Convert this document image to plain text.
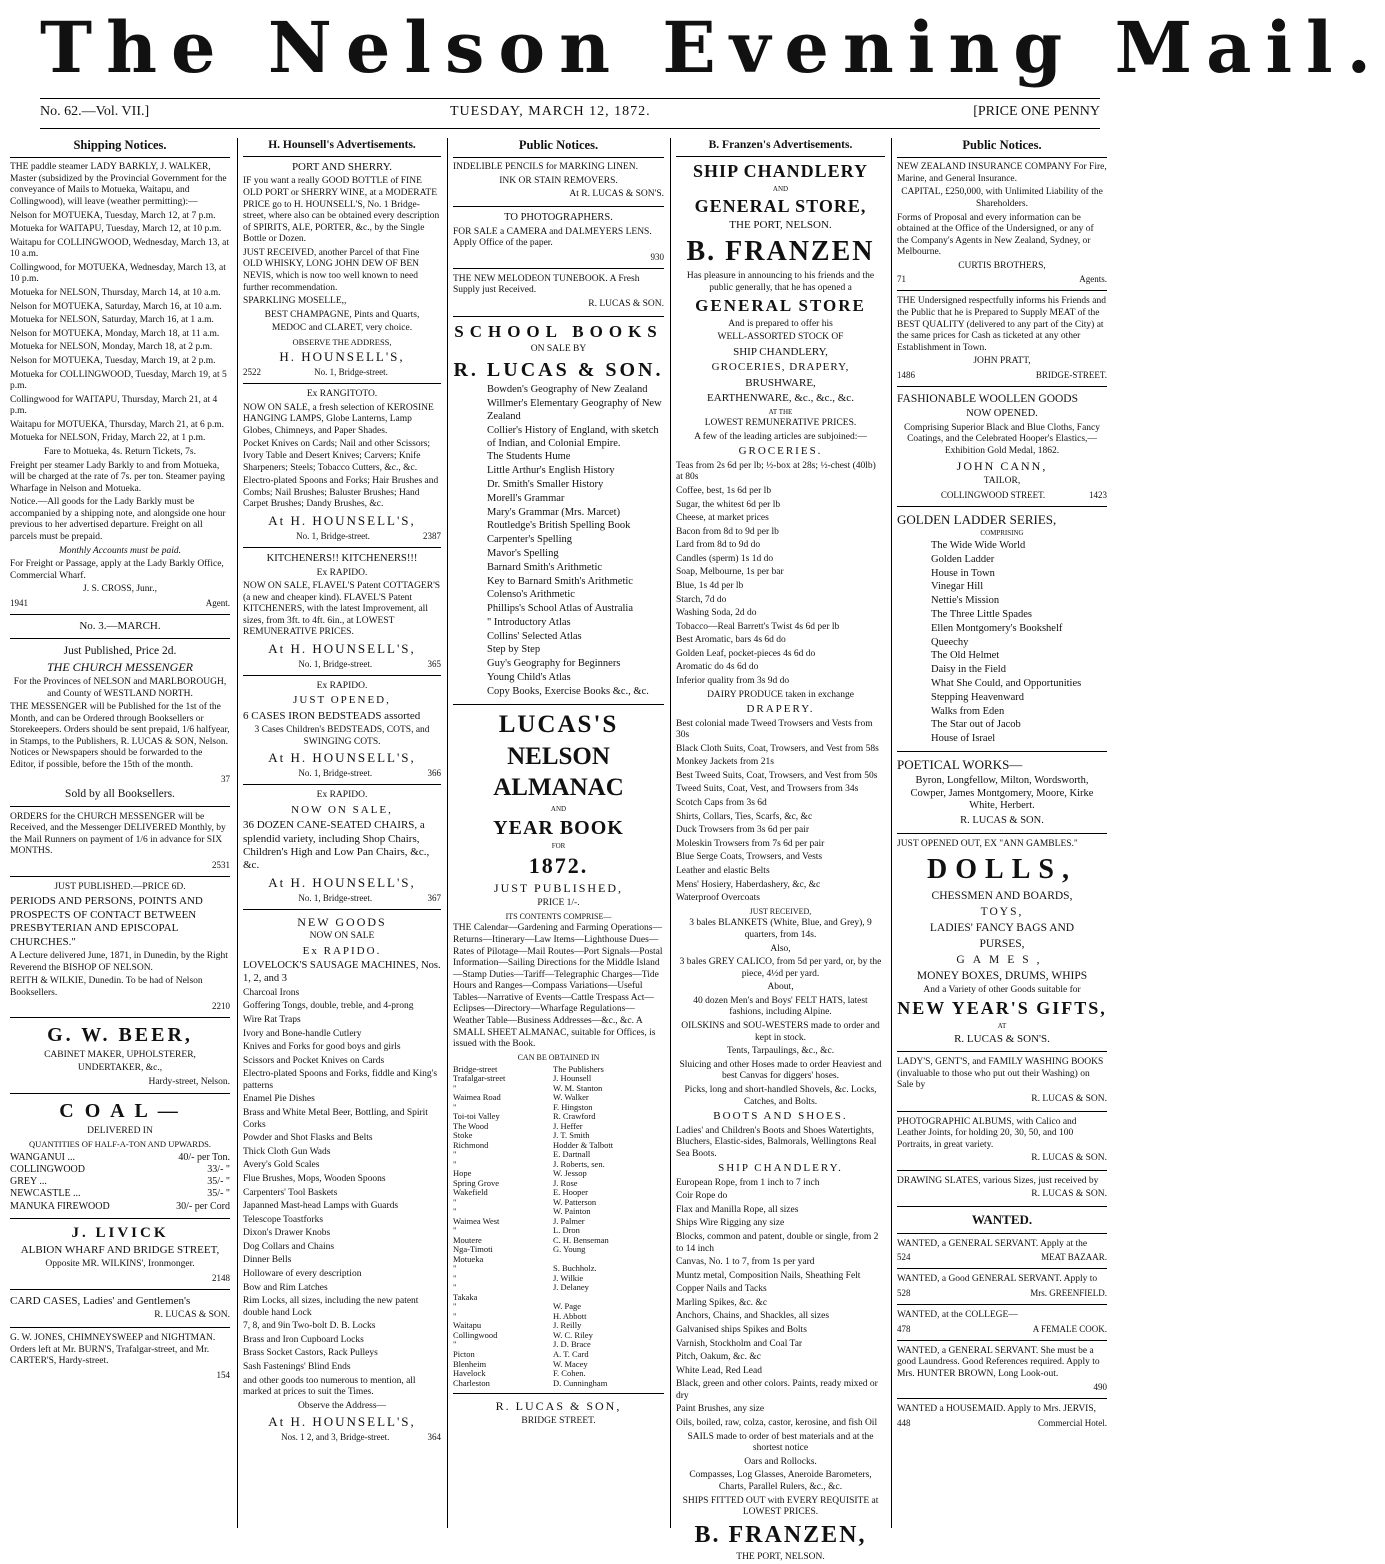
The Nelson Evening Mail.
No. 62.—Vol. VII.]	TUESDAY, MARCH 12, 1872.	[PRICE ONE PENNY
Shipping Notices.

THE paddle steamer LADY BARKLY, J. WALKER, Master (subsidized by the Provincial Government for the conveyance of Mails to Motueka, Waitapu, and Collingwood), will leave (weather permitting):—

Nelson for MOTUEKA, Tuesday, March 12, at 7 p.m.
Motueka for WAITAPU, Tuesday, March 12, at 10 p.m.
Waitapu for COLLINGWOOD, Wednesday, March 13, at 10 a.m.
Collingwood, for MOTUEKA, Wednesday, March 13, at 10 p.m.
Motueka for NELSON, Thursday, March 14, at 10 a.m.
Nelson for MOTUEKA, Saturday, March 16, at 10 a.m.
Motueka for NELSON, Saturday, March 16, at 1 a.m.
Nelson for MOTUEKA, Monday, March 18, at 11 a.m.
Motueka for NELSON, Monday, March 18, at 2 p.m.
Nelson for MOTUEKA, Tuesday, March 19, at 2 p.m.
Motueka for COLLINGWOOD, Tuesday, March 19, at 5 p.m.
Collingwood for WAITAPU, Thursday, March 21, at 4 p.m.
Waitapu for MOTUEKA, Thursday, March 21, at 6 p.m.
Motueka for NELSON, Friday, March 22, at 1 p.m.

Fare to Motueka, 4s. Return Tickets, 7s.

Freight per steamer Lady Barkly to and from Motueka, will be charged at the rate of 7s. per ton. Steamer paying Wharfage in Nelson and Motueka.

Notice.—All goods for the Lady Barkly must be accompanied by a shipping note, and alongside one hour previous to her advertised departure. Freight on all parcels must be prepaid.

Monthly Accounts must be paid.

For Freight or Passage, apply at the Lady Barkly Office, Commercial Wharf.

J. S. CROSS, Junr.,

1941	Agent.

No. 3.—MARCH.

Just Published, Price 2d.

THE CHURCH MESSENGER

For the Provinces of NELSON and MARLBOROUGH, and County of WESTLAND NORTH.

THE MESSENGER will be Published for the 1st of the Month, and can be Ordered through Booksellers or Storekeepers. Orders should be sent prepaid, 1/6 halfyear, in Stamps, to the Publishers, R. LUCAS & SON, Nelson. Notices or Newspapers should be forwarded to the Editor, if possible, before the 15th of the month.

37

Sold by all Booksellers.

ORDERS for the CHURCH MESSENGER will be Received, and the Messenger DELIVERED Monthly, by the Mail Runners on payment of 1/6 in advance for SIX MONTHS.

2531

JUST PUBLISHED.—PRICE 6D.

PERIODS AND PERSONS, POINTS AND PROSPECTS OF CONTACT BETWEEN PRESBYTERIAN AND EPISCOPAL CHURCHES."

A Lecture delivered June, 1871, in Dunedin, by the Right Reverend the BISHOP OF NELSON.

REITH & WILKIE, Dunedin. To be had of Nelson Booksellers.

2210

G. W. BEER,

CABINET MAKER, UPHOLSTERER,

UNDERTAKER, &c.,

Hardy-street, Nelson.

C O A L —

DELIVERED IN

QUANTITIES OF HALF-A-TON AND UPWARDS.

WANGANUI ...	40/- per Ton.
COLLINGWOOD	33/- "
GREY ...	35/- "
NEWCASTLE ...	35/- "
MANUKA FIREWOOD	30/- per Cord

J. LIVICK

ALBION WHARF AND BRIDGE STREET,

Opposite MR. WILKINS', Ironmonger.

2148

CARD CASES, Ladies' and Gentlemen's

R. LUCAS & SON.

G. W. JONES, CHIMNEYSWEEP and NIGHTMAN. Orders left at Mr. BURN'S, Trafalgar-street, and Mr. CARTER'S, Hardy-street.

154

H. Hounsell's Advertisements.

PORT AND SHERRY.

IF you want a really GOOD BOTTLE of FINE OLD PORT or SHERRY WINE, at a MODERATE PRICE go to H. HOUNSELL'S, No. 1 Bridge-street, where also can be obtained every description of SPIRITS, ALE, PORTER, &c., by the Single Bottle or Dozen.

JUST RECEIVED, another Parcel of that Fine OLD WHISKY, LONG JOHN DEW OF BEN NEVIS, which is now too well known to need further recommendation.

SPARKLING MOSELLE,,

BEST CHAMPAGNE, Pints and Quarts,

MEDOC and CLARET, very choice.

OBSERVE THE ADDRESS,

H. HOUNSELL'S,

2522	No. 1, Bridge-street.

Ex RANGITOTO.

NOW ON SALE, a fresh selection of KEROSINE HANGING LAMPS, Globe Lanterns, Lamp Globes, Chimneys, and Paper Shades.

Pocket Knives on Cards; Nail and other Scissors; Ivory Table and Desert Knives; Carvers; Knife Sharpeners; Steels; Tobacco Cutters, &c., &c.

Electro-plated Spoons and Forks; Hair Brushes and Combs; Nail Brushes; Baluster Brushes; Hand Carpet Brushes; Dandy Brushes, &c.

At H. HOUNSELL'S,

No. 1, Bridge-street.	2387

KITCHENERS!! KITCHENERS!!!

Ex RAPIDO.

NOW ON SALE, FLAVEL'S Patent COTTAGER'S (a new and cheaper kind). FLAVEL'S Patent KITCHENERS, with the latest Improvement, all sizes, from 3ft. to 4ft. 6in., at LOWEST REMUNERATIVE PRICES.

At H. HOUNSELL'S,

No. 1, Bridge-street.	365

Ex RAPIDO.

JUST OPENED,

6 CASES IRON BEDSTEADS assorted

3 Cases Children's BEDSTEADS, COTS, and SWINGING COTS.

At H. HOUNSELL'S,

No. 1, Bridge-street.	366

Ex RAPIDO.

NOW ON SALE,

36 DOZEN CANE-SEATED CHAIRS, a splendid variety, including Shop Chairs, Children's High and Low Pan Chairs, &c., &c.

At H. HOUNSELL'S,

No. 1, Bridge-street.	367

NEW GOODS

NOW ON SALE

Ex RAPIDO.

LOVELOCK'S SAUSAGE MACHINES, Nos. 1, 2, and 3

Charcoal Irons
Goffering Tongs, double, treble, and 4-prong
Wire Rat Traps
Ivory and Bone-handle Cutlery
Knives and Forks for good boys and girls
Scissors and Pocket Knives on Cards
Electro-plated Spoons and Forks, fiddle and King's patterns
Enamel Pie Dishes
Brass and White Metal Beer, Bottling, and Spirit Corks
Powder and Shot Flasks and Belts
Thick Cloth Gun Wads
Avery's Gold Scales
Flue Brushes, Mops, Wooden Spoons
Carpenters' Tool Baskets
Japanned Mast-head Lamps with Guards
Telescope Toastforks
Dixon's Drawer Knobs
Dog Collars and Chains
Dinner Bells
Holloware of every description
Bow and Rim Latches
Rim Locks, all sizes, including the new patent double hand Lock
7, 8, and 9in Two-bolt D. B. Locks
Brass and Iron Cupboard Locks
Brass Socket Castors, Rack Pulleys
Sash Fastenings' Blind Ends
and other goods too numerous to mention, all marked at prices to suit the Times.

Observe the Address—

At H. HOUNSELL'S,

Nos. 1 2, and 3, Bridge-street.	364
Public Notices.

INDELIBLE PENCILS for MARKING LINEN.

INK OR STAIN REMOVERS.

At R. LUCAS & SON'S.

TO PHOTOGRAPHERS.

FOR SALE a CAMERA and DALMEYERS LENS. Apply Office of the paper.

930

THE NEW MELODEON TUNEBOOK. A Fresh Supply just Received.

R. LUCAS & SON.

SCHOOL BOOKS

ON SALE BY

R. LUCAS & SON.

Bowden's Geography of New Zealand
Willmer's Elementary Geography of New Zealand
Collier's History of England, with sketch of Indian, and Colonial Empire.
The Students Hume
Little Arthur's English History
Dr. Smith's Smaller History
Morell's Grammar
Mary's Grammar (Mrs. Marcet)
Routledge's British Spelling Book
Carpenter's Spelling
Mavor's Spelling
Barnard Smith's Arithmetic
Key to Barnard Smith's Arithmetic
Colenso's Arithmetic
Phillips's School Atlas of Australia
" Introductory Atlas
Collins' Selected Atlas
Step by Step
Guy's Geography for Beginners
Young Child's Atlas
Copy Books, Exercise Books &c., &c.

LUCAS'S

NELSON ALMANAC

AND

YEAR BOOK

FOR

1872.

JUST PUBLISHED,

PRICE 1/-.

ITS CONTENTS COMPRISE—

THE Calendar—Gardening and Farming Operations—Returns—Itinerary—Law Items—Lighthouse Dues—Rates of Pilotage—Mail Routes—Port Signals—Postal Information—Sailing Directions for the Middle Island—Stamp Duties—Tariff—Telegraphic Charges—Tide Hours and Ranges—Compass Variations—Useful Tables—Narrative of Events—Cattle Trespass Act—Eclipses—Directory—Wharfage Regulations—Weather Table—Business Addresses—&c., &c. A SMALL SHEET ALMANAC, suitable for Offices, is issued with the Book.

CAN BE OBTAINED IN

Bridge-street	The Publishers
Trafalgar-street	J. Hounsell
"	W. M. Stanton
Waimea Road	W. Walker
"	F. Hingston
Toi-toi Valley	R. Crawford
The Wood	J. Heffer
Stoke	J. T. Smith
Richmond	Hodder & Talbott
"	E. Dartnall
"	J. Roberts, sen.
Hope	W. Jessop
Spring Grove	J. Rose
Wakefield	E. Hooper
"	W. Patterson
"	W. Painton
Waimea West	J. Palmer
"	L. Dron
Moutere	C. H. Benseman
Nga-Timoti	G. Young
Motueka
"	S. Buchholz.
"	J. Wilkie
"	J. Delaney
Takaka
"	W. Page
"	H. Abbott
Waitapu	J. Reilly
Collingwood	W. C. Riley
"	J. D. Brace
Picton	A. T. Card
Blenheim	W. Macey
Havelock	F. Cohen.
Charleston	D. Cunningham

R. LUCAS & SON,

BRIDGE STREET.

B. Franzen's Advertisements.

SHIP CHANDLERY

AND

GENERAL STORE,

THE PORT, NELSON.

B. FRANZEN

Has pleasure in announcing to his friends and the public generally, that he has opened a

GENERAL STORE

And is prepared to offer his

WELL-ASSORTED STOCK OF

SHIP CHANDLERY,

GROCERIES, DRAPERY,

BRUSHWARE,

EARTHENWARE, &c., &c., &c.

AT THE

LOWEST REMUNERATIVE PRICES.

A few of the leading articles are subjoined:—

GROCERIES.

Teas from 2s 6d per lb; ½-box at 28s; ½-chest (40lb) at 80s
Coffee, best, 1s 6d per lb
Sugar, the whitest 6d per lb
Cheese, at market prices
Bacon from 8d to 9d per lb
Lard from 8d to 9d do
Candles (sperm) 1s 1d do
Soap, Melbourne, 1s per bar
Blue, 1s 4d per lb
Starch, 7d do
Washing Soda, 2d do
Tobacco—Real Barrett's Twist 4s 6d per lb
Best Aromatic, bars 4s 6d do
Golden Leaf, pocket-pieces 4s 6d do
Aromatic do 4s 6d do
Inferior quality from 3s 9d do

DAIRY PRODUCE taken in exchange

DRAPERY.

Best colonial made Tweed Trowsers and Vests from 30s
Black Cloth Suits, Coat, Trowsers, and Vest from 58s
Monkey Jackets from 21s
Best Tweed Suits, Coat, Trowsers, and Vest from 50s
Tweed Suits, Coat, Vest, and Trowsers from 34s
Scotch Caps from 3s 6d
Shirts, Collars, Ties, Scarfs, &c, &c
Duck Trowsers from 3s 6d per pair
Moleskin Trowsers from 7s 6d per pair
Blue Serge Coats, Trowsers, and Vests
Leather and elastic Belts
Mens' Hosiery, Haberdashery, &c, &c
Waterproof Overcoats

JUST RECEIVED,

3 bales BLANKETS (White, Blue, and Grey), 9 quarters, from 14s.

Also,

3 bales GREY CALICO, from 5d per yard, or, by the piece, 4½d per yard.

About,

40 dozen Men's and Boys' FELT HATS, latest fashions, including Alpine.

OILSKINS and SOU-WESTERS made to order and kept in stock.

Tents, Tarpaulings, &c., &c.

Sluicing and other Hoses made to order Heaviest and best Canvas for diggers' hoses.

Picks, long and short-handled Shovels, &c. Locks, Catches, and Bolts.

BOOTS AND SHOES.

Ladies' and Children's Boots and Shoes Watertights, Bluchers, Elastic-sides, Balmorals, Wellingtons Real Sea Boots.

SHIP CHANDLERY.

European Rope, from 1 inch to 7 inch
Coir Rope do
Flax and Manilla Rope, all sizes
Ships Wire Rigging any size
Blocks, common and patent, double or single, from 2 to 14 inch
Canvas, No. 1 to 7, from 1s per yard
Muntz metal, Composition Nails, Sheathing Felt
Copper Nails and Tacks
Marling Spikes, &c. &c
Anchors, Chains, and Shackles, all sizes
Galvanised ships Spikes and Bolts
Varnish, Stockholm and Coal Tar
Pitch, Oakum, &c. &c
White Lead, Red Lead
Black, green and other colors. Paints, ready mixed or dry
Paint Brushes, any size
Oils, boiled, raw, colza, castor, kerosine, and fish Oil

SAILS made to order of best materials and at the shortest notice

Oars and Rollocks.

Compasses, Log Glasses, Aneroide Barometers, Charts, Parallel Rulers, &c., &c.

SHIPS FITTED OUT with EVERY REQUISITE at LOWEST PRICES.

B. FRANZEN,

THE PORT, NELSON.

Public Notices.

NEW ZEALAND INSURANCE COMPANY For Fire, Marine, and General Insurance.

CAPITAL, £250,000, with Unlimited Liability of the Shareholders.

Forms of Proposal and every information can be obtained at the Office of the Undersigned, or any of the Company's Agents in New Zealand, Sydney, or Melbourne.

CURTIS BROTHERS,

71	Agents.

THE Undersigned respectfully informs his Friends and the Public that he is Prepared to Supply MEAT of the BEST QUALITY (delivered to any part of the City) at the same prices for Cash as ticketed at any other Establishment in Town.

JOHN PRATT,

1486	BRIDGE-STREET.

FASHIONABLE WOOLLEN GOODS

NOW OPENED.

Comprising Superior Black and Blue Cloths, Fancy Coatings, and the Celebrated Hooper's Elastics,—Exhibition Gold Medal, 1862.

JOHN CANN,

TAILOR,

COLLINGWOOD STREET.	1423

GOLDEN LADDER SERIES,

COMPRISING

The Wide Wide World
Golden Ladder
House in Town
Vinegar Hill
Nettie's Mission
The Three Little Spades
Ellen Montgomery's Bookshelf
Queechy
The Old Helmet
Daisy in the Field
What She Could, and Opportunities
Stepping Heavenward
Walks from Eden
The Star out of Jacob
House of Israel

POETICAL WORKS—

Byron, Longfellow, Milton, Wordsworth, Cowper, James Montgomery, Moore, Kirke White, Herbert.

R. LUCAS & SON.

JUST OPENED OUT, EX "ANN GAMBLES."

DOLLS,

CHESSMEN AND BOARDS,

TOYS,

LADIES' FANCY BAGS AND

PURSES,

GAMES,

MONEY BOXES, DRUMS, WHIPS

And a Variety of other Goods suitable for

NEW YEAR'S GIFTS,

AT

R. LUCAS & SON'S.

LADY'S, GENT'S, and FAMILY WASHING BOOKS (invaluable to those who put out their Washing) on Sale by

R. LUCAS & SON.

PHOTOGRAPHIC ALBUMS, with Calico and Leather Joints, for holding 20, 30, 50, and 100 Portraits, in great variety.

R. LUCAS & SON.

DRAWING SLATES, various Sizes, just received by

R. LUCAS & SON.

WANTED.

WANTED, a GENERAL SERVANT. Apply at the

524	MEAT BAZAAR.

WANTED, a Good GENERAL SERVANT. Apply to

528	Mrs. GREENFIELD.

WANTED, at the COLLEGE—

478	A FEMALE COOK.

WANTED, a GENERAL SERVANT. She must be a good Laundress. Good References required. Apply to Mrs. HUNTER BROWN, Long Look-out.

490

WANTED a HOUSEMAID. Apply to Mrs. JERVIS,

448	Commercial Hotel.
